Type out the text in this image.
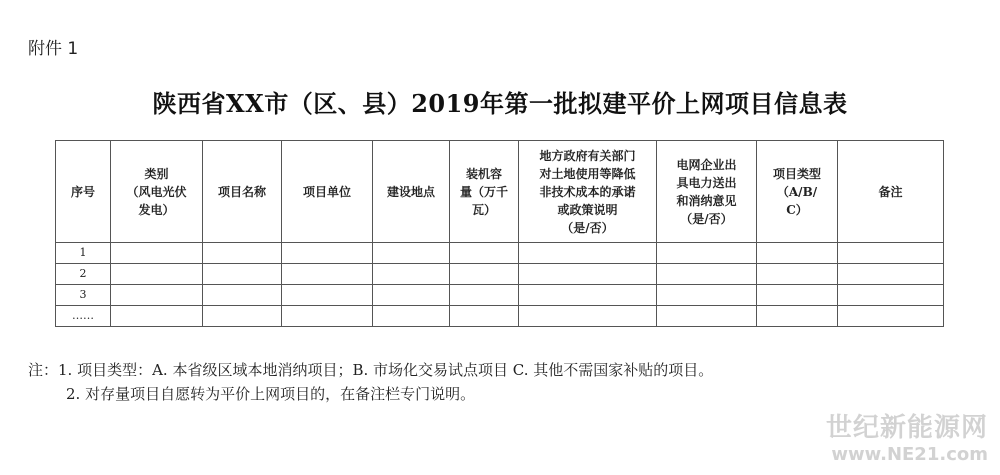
附件 1
陕西省XX市（区、县）2019年第一批拟建平价上网项目信息表
序号	类别
（风电光伏
发电）	项目名称	项目单位	建设地点	装机容
量（万千
瓦）	地方政府有关部门
对土地使用等降低
非技术成本的承诺
或政策说明
（是/否）	电网企业出
具电力送出
和消纳意见
（是/否）	项目类型
（A/B/
C）	备注
1									
2									
3									
……									
注：1. 项目类型：A. 本省级区域本地消纳项目；B. 市场化交易试点项目 C. 其他不需国家补贴的项目。
2. 对存量项目自愿转为平价上网项目的，在备注栏专门说明。
世纪新能源网
www.NE21.com
